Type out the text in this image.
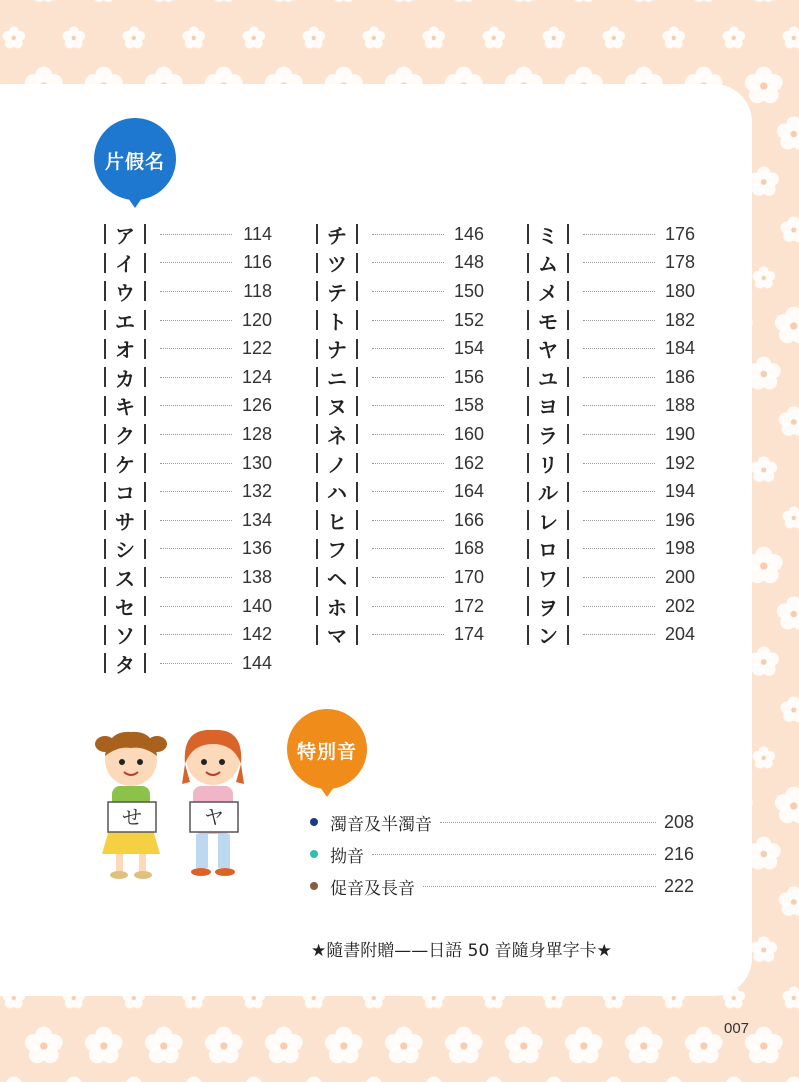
片假名
ア	114
イ	116
ウ	118
エ	120
オ	122
カ	124
キ	126
ク	128
ケ	130
コ	132
サ	134
シ	136
ス	138
セ	140
ソ	142
タ	144
チ	146
ツ	148
テ	150
ト	152
ナ	154
ニ	156
ヌ	158
ネ	160
ノ	162
ハ	164
ヒ	166
フ	168
ヘ	170
ホ	172
マ	174
ミ	176
ム	178
メ	180
モ	182
ヤ	184
ユ	186
ヨ	188
ラ	190
リ	192
ル	194
レ	196
ロ	198
ワ	200
ヲ	202
ン	204
せ	ヤ
特別音
濁音及半濁音	208
拗音	216
促音及長音	222
★隨書附贈——日語 50 音隨身單字卡★
007
